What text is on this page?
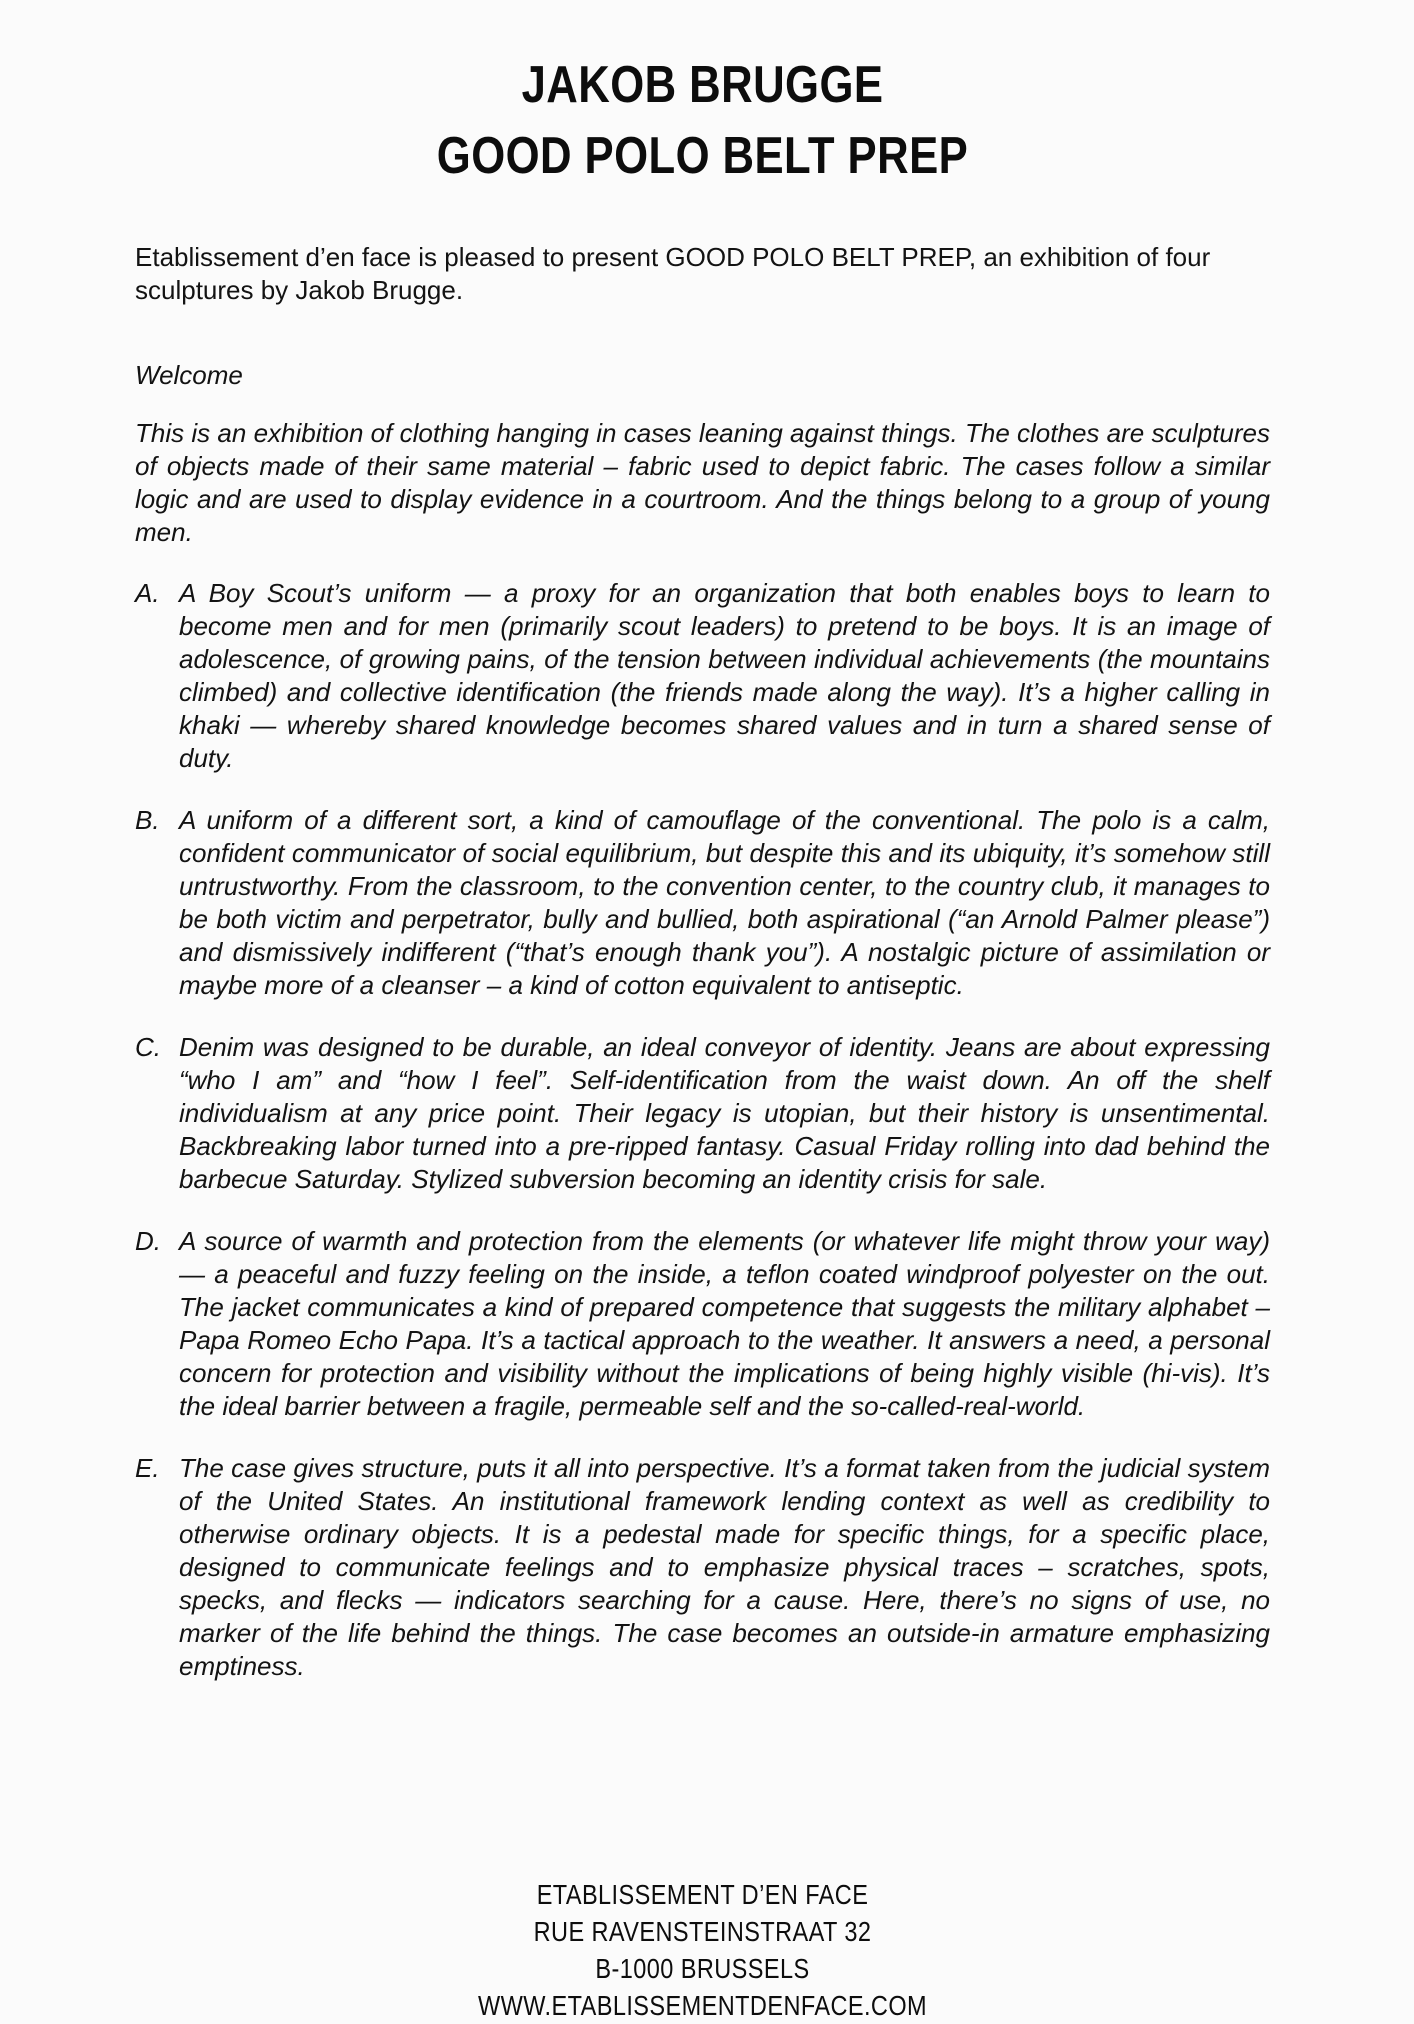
JAKOB BRUGGE
GOOD POLO BELT PREP

Etablissement d’en face is pleased to present GOOD POLO BELT PREP, an exhibition of four sculptures by Jakob Brugge.

Welcome

This is an exhibition of clothing hanging in cases leaning against things. The clothes are sculptures of objects made of their same material – fabric used to depict fabric. The cases follow a similar logic and are used to display evidence in a courtroom. And the things belong to a group of young men.

A. A Boy Scout’s uniform — a proxy for an organization that both enables boys to learn to become men and for men (primarily scout leaders) to pretend to be boys. It is an image of adolescence, of growing pains, of the tension between individual achievements (the mountains climbed) and collective identification (the friends made along the way). It’s a higher calling in khaki — whereby shared knowledge becomes shared values and in turn a shared sense of duty.
B. A uniform of a different sort, a kind of camouflage of the conventional. The polo is a calm, confident communicator of social equilibrium, but despite this and its ubiquity, it’s somehow still untrustworthy. From the classroom, to the convention center, to the country club, it manages to be both victim and perpetrator, bully and bullied, both aspirational (“an Arnold Palmer please”) and dismissively indifferent (“that’s enough thank you”). A nostalgic picture of assimilation or maybe more of a cleanser – a kind of cotton equivalent to antiseptic.
C. Denim was designed to be durable, an ideal conveyor of identity. Jeans are about expressing “who I am” and “how I feel”. Self-identification from the waist down. An off the shelf individualism at any price point. Their legacy is utopian, but their history is unsentimental. Backbreaking labor turned into a pre-ripped fantasy. Casual Friday rolling into dad behind the barbecue Saturday. Stylized subversion becoming an identity crisis for sale.
D. A source of warmth and protection from the elements (or whatever life might throw your way) — a peaceful and fuzzy feeling on the inside, a teflon coated windproof polyester on the out. The jacket communicates a kind of prepared competence that suggests the military alphabet – Papa Romeo Echo Papa. It’s a tactical approach to the weather. It answers a need, a personal concern for protection and visibility without the implications of being highly visible (hi-vis). It’s the ideal barrier between a fragile, permeable self and the so-called-real-world.
E. The case gives structure, puts it all into perspective. It’s a format taken from the judicial system of the United States. An institutional framework lending context as well as credibility to otherwise ordinary objects. It is a pedestal made for specific things, for a specific place, designed to communicate feelings and to emphasize physical traces – scratches, spots, specks, and flecks — indicators searching for a cause. Here, there’s no signs of use, no marker of the life behind the things. The case becomes an outside-in armature emphasizing emptiness.
ETABLISSEMENT D’EN FACE
RUE RAVENSTEINSTRAAT 32
B-1000 BRUSSELS
WWW.ETABLISSEMENTDENFACE.COM
